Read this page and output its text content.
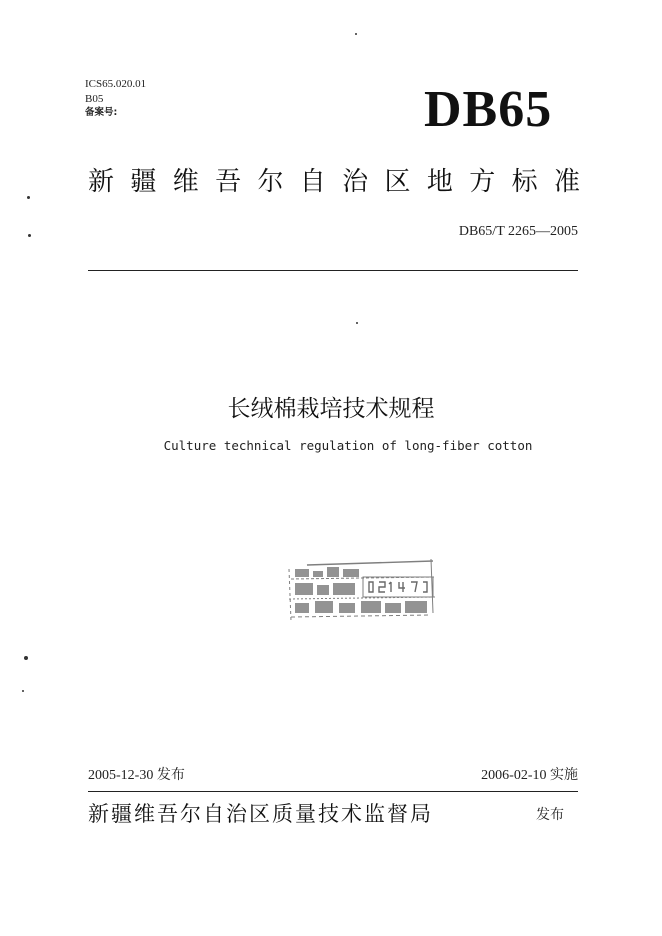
ICS65.020.01
B05
备案号:	DB65
新 疆 维 吾 尔 自 治 区 地 方 标 准
DB65/T 2265—2005
长绒棉栽培技术规程
Culture technical regulation of long-fiber cotton
2005-12-30 发布	2006-02-10 实施
新疆维吾尔自治区质量技术监督局	发布
